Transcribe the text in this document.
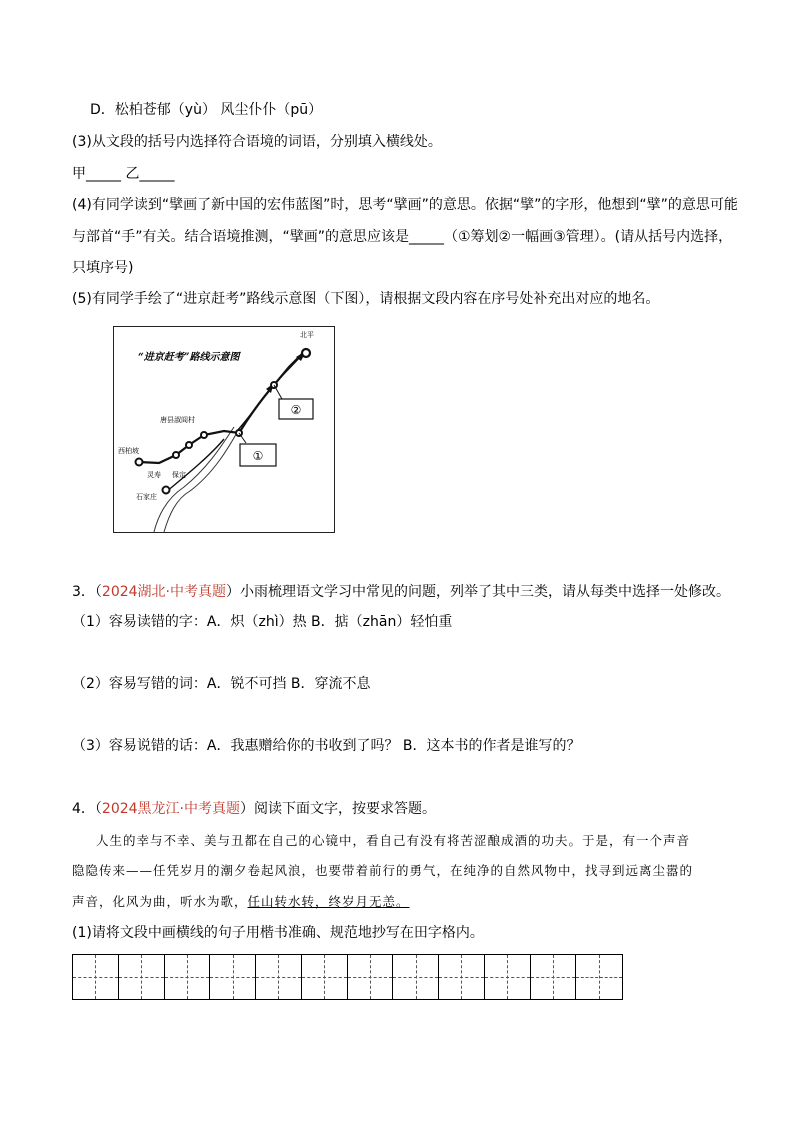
D．松柏苍郁（yù） 风尘仆仆（pū）
(3)从文段的括号内选择符合语境的词语，分别填入横线处。
甲_____ 乙_____
(4)有同学读到“擘画了新中国的宏伟蓝图”时，思考“擘画”的意思。依据“擘”的字形，他想到“擘”的意思可能
与部首“手”有关。结合语境推测，“擘画”的意思应该是_____（①筹划②一幅画③管理）。(请从括号内选择，
只填序号)
(5)有同学手绘了“进京赶考”路线示意图（下图），请根据文段内容在序号处补充出对应的地名。
“进京赶考”路线示意图
①
②
北平
西柏坡
唐县淑闾村
保定
灵寿
石家庄
3．（2024湖北·中考真题）小雨梳理语文学习中常见的问题，列举了其中三类，请从每类中选择一处修改。
（1）容易读错的字：A．炽（zhì）热 B．掂（zhān）轻怕重
（2）容易写错的词：A．锐不可挡 B．穿流不息
（3）容易说错的话：A．我惠赠给你的书收到了吗？ B．这本书的作者是谁写的？
4．（2024黑龙江·中考真题）阅读下面文字，按要求答题。
人生的幸与不幸、美与丑都在自己的心镜中，看自己有没有将苦涩酿成酒的功夫。于是，有一个声音
隐隐传来——任凭岁月的潮夕卷起风浪，也要带着前行的勇气，在纯净的自然风物中，找寻到远离尘嚣的
声音，化风为曲，听水为歌，任山转水转，终岁月无恙。
(1)请将文段中画横线的句子用楷书准确、规范地抄写在田字格内。
